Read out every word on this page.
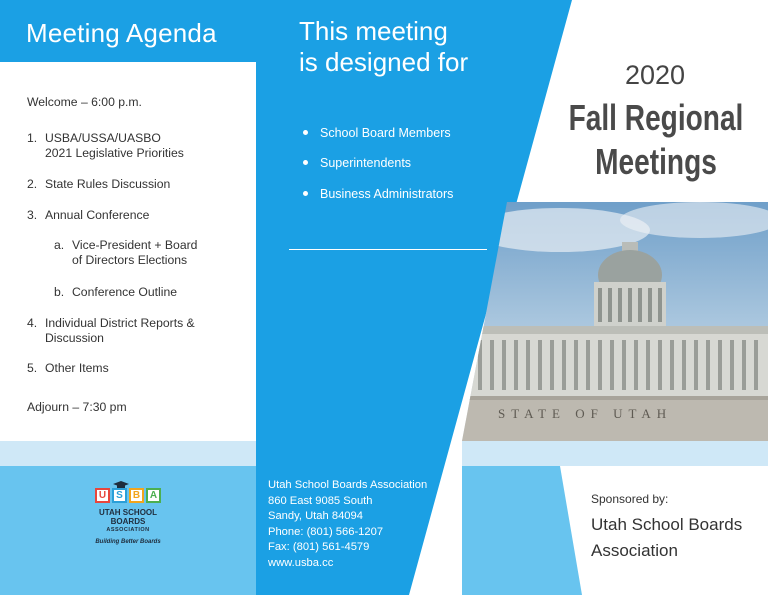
Meeting Agenda
Welcome – 6:00 p.m.
1. USBA/USSA/UASBO
2021 Legislative Priorities
2. State Rules Discussion
3. Annual Conference
a. Vice-President + Board
of Directors Elections
b. Conference Outline
4. Individual District Reports &
Discussion
5. Other Items
Adjourn – 7:30 pm
U	S	B A
UTAH SCHOOL BOARDS
ASSOCIATION
Building Better Boards
STATE OF UTAH
This meeting
is designed for
School Board Members
Superintendents
Business Administrators
Utah School Boards Association
860 East 9085 South
Sandy, Utah 84094
Phone: (801) 566-1207
Fax: (801) 561-4579
www.usba.cc
2020
Fall Regional
Meetings
Sponsored by:
Utah School Boards
Association
